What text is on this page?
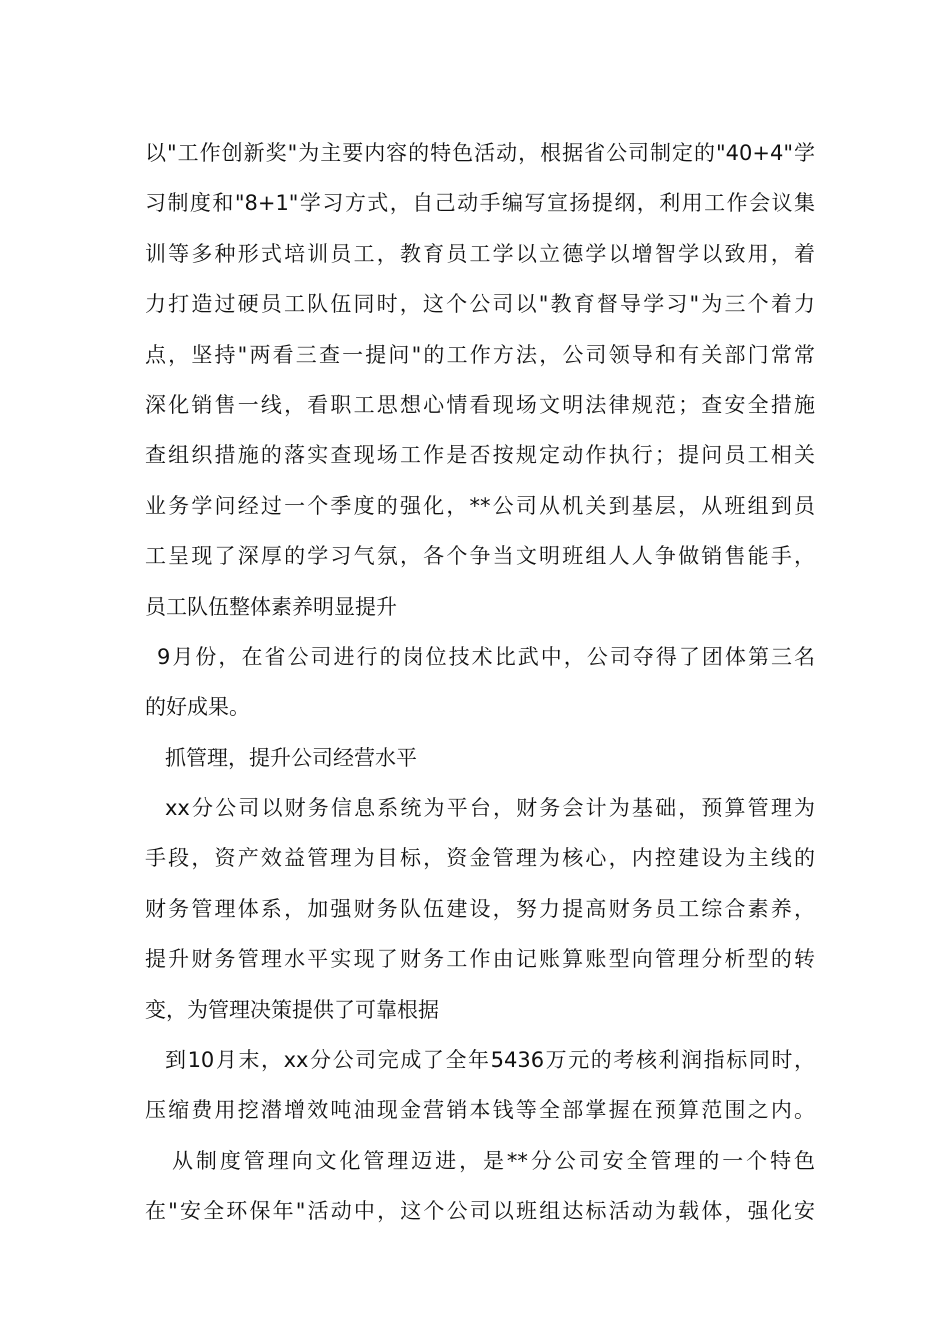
以"工作创新奖"为主要内容的特色活动，根据省公司制定的"40+4"学
习制度和"8+1"学习方式，自己动手编写宣扬提纲，利用工作会议集
训等多种形式培训员工，教育员工学以立德学以增智学以致用，着
力打造过硬员工队伍同时，这个公司以"教育督导学习"为三个着力
点，坚持"两看三查一提问"的工作方法，公司领导和有关部门常常
深化销售一线，看职工思想心情看现场文明法律规范；查安全措施
查组织措施的落实查现场工作是否按规定动作执行；提问员工相关
业务学问经过一个季度的强化，**公司从机关到基层，从班组到员
工呈现了深厚的学习气氛，各个争当文明班组人人争做销售能手，
员工队伍整体素养明显提升
9月份，在省公司进行的岗位技术比武中，公司夺得了团体第三名
的好成果。
抓管理，提升公司经营水平
xx分公司以财务信息系统为平台，财务会计为基础，预算管理为
手段，资产效益管理为目标，资金管理为核心，内控建设为主线的
财务管理体系，加强财务队伍建设，努力提高财务员工综合素养，
提升财务管理水平实现了财务工作由记账算账型向管理分析型的转
变，为管理决策提供了可靠根据
到10月末，xx分公司完成了全年5436万元的考核利润指标同时，
压缩费用挖潜增效吨油现金营销本钱等全部掌握在预算范围之内。
从制度管理向文化管理迈进，是**分公司安全管理的一个特色
在"安全环保年"活动中，这个公司以班组达标活动为载体，强化安
